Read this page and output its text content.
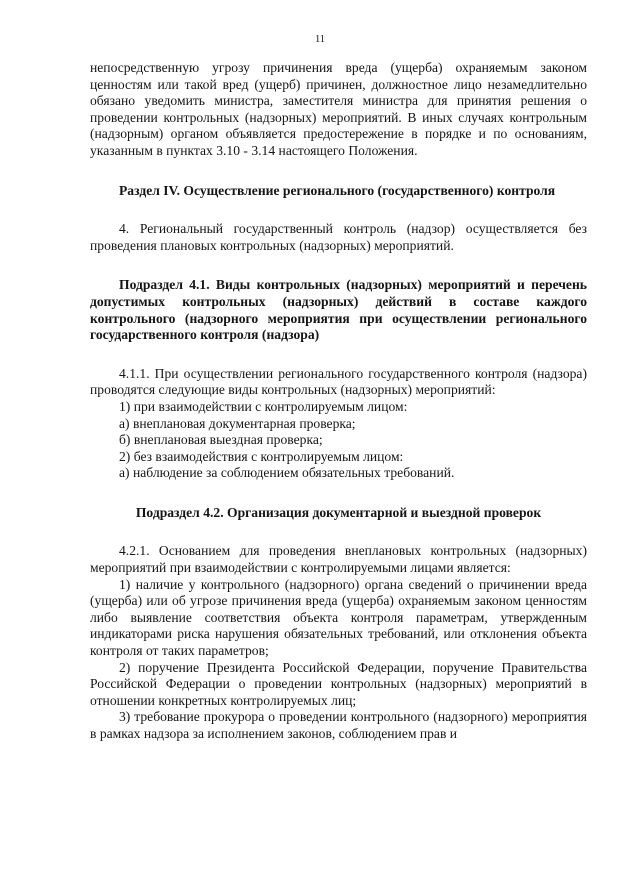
11

непосредственную угрозу причинения вреда (ущерба) охраняемым законом ценностям или такой вред (ущерб) причинен, должностное лицо незамедлительно обязано уведомить министра, заместителя министра для принятия решения о проведении контрольных (надзорных) мероприятий. В иных случаях контрольным (надзорным) органом объявляется предостережение в порядке и по основаниям, указанным в пунктах 3.10 - 3.14 настоящего Положения.

Раздел IV. Осуществление регионального (государственного) контроля

4. Региональный государственный контроль (надзор) осуществляется без проведения плановых контрольных (надзорных) мероприятий.

Подраздел 4.1. Виды контрольных (надзорных) мероприятий и перечень допустимых контрольных (надзорных) действий в составе каждого контрольного (надзорного мероприятия при осуществлении регионального государственного контроля (надзора)

4.1.1. При осуществлении регионального государственного контроля (надзора) проводятся следующие виды контрольных (надзорных) мероприятий:

1) при взаимодействии с контролируемым лицом:

а) внеплановая документарная проверка;

б) внеплановая выездная проверка;

2) без взаимодействия с контролируемым лицом:

а) наблюдение за соблюдением обязательных требований.

Подраздел 4.2. Организация документарной и выездной проверок

4.2.1. Основанием для проведения внеплановых контрольных (надзорных) мероприятий при взаимодействии с контролируемыми лицами является:

1) наличие у контрольного (надзорного) органа сведений о причинении вреда (ущерба) или об угрозе причинения вреда (ущерба) охраняемым законом ценностям либо выявление соответствия объекта контроля параметрам, утвержденным индикаторами риска нарушения обязательных требований, или отклонения объекта контроля от таких параметров;

2) поручение Президента Российской Федерации, поручение Правительства Российской Федерации о проведении контрольных (надзорных) мероприятий в отношении конкретных контролируемых лиц;

3) требование прокурора о проведении контрольного (надзорного) мероприятия в рамках надзора за исполнением законов, соблюдением прав и
